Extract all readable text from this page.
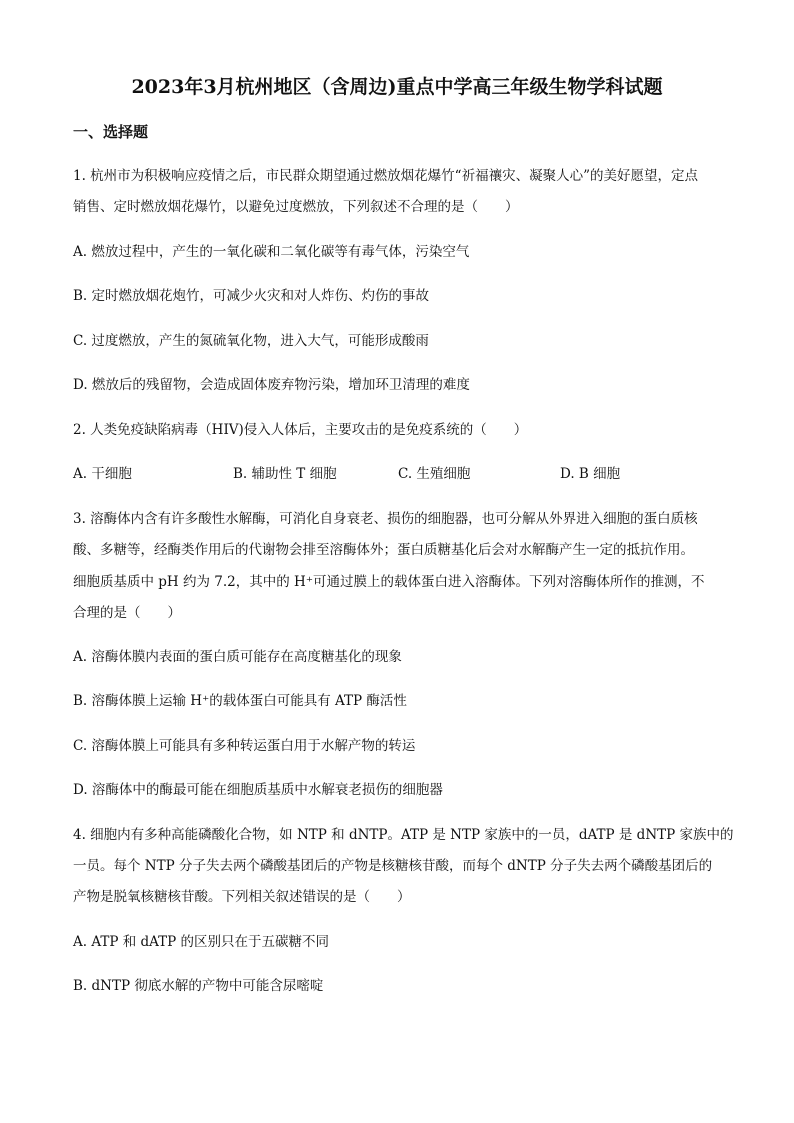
2023年3月杭州地区（含周边)重点中学高三年级生物学科试题
一、选择题
1. 杭州市为积极响应疫情之后，市民群众期望通过燃放烟花爆竹“祈福禳灾、凝聚人心”的美好愿望，定点
销售、定时燃放烟花爆竹，以避免过度燃放，下列叙述不合理的是（　　）
A. 燃放过程中，产生的一氧化碳和二氧化碳等有毒气体，污染空气
B. 定时燃放烟花炮竹，可减少火灾和对人炸伤、灼伤的事故
C. 过度燃放，产生的氮硫氧化物，进入大气，可能形成酸雨
D. 燃放后的残留物，会造成固体废弃物污染，增加环卫清理的难度
2. 人类免疫缺陷病毒（HIV)侵入人体后，主要攻击的是免疫系统的（　　）
A. 干细胞	B. 辅助性 T 细胞	C. 生殖细胞	D. B 细胞
3. 溶酶体内含有许多酸性水解酶，可消化自身衰老、损伤的细胞器，也可分解从外界进入细胞的蛋白质核
酸、多糖等，经酶类作用后的代谢物会排至溶酶体外；蛋白质糖基化后会对水解酶产生一定的抵抗作用。
细胞质基质中 pH 约为 7.2，其中的 H⁺可通过膜上的载体蛋白进入溶酶体。下列对溶酶体所作的推测，不
合理的是（　　）
A. 溶酶体膜内表面的蛋白质可能存在高度糖基化的现象
B. 溶酶体膜上运输 H⁺的载体蛋白可能具有 ATP 酶活性
C. 溶酶体膜上可能具有多种转运蛋白用于水解产物的转运
D. 溶酶体中的酶最可能在细胞质基质中水解衰老损伤的细胞器
4. 细胞内有多种高能磷酸化合物，如 NTP 和 dNTP。ATP 是 NTP 家族中的一员，dATP 是 dNTP 家族中的
一员。每个 NTP 分子失去两个磷酸基团后的产物是核糖核苷酸，而每个 dNTP 分子失去两个磷酸基团后的
产物是脱氧核糖核苷酸。下列相关叙述错误的是（　　）
A. ATP 和 dATP 的区别只在于五碳糖不同
B. dNTP 彻底水解的产物中可能含尿嘧啶
